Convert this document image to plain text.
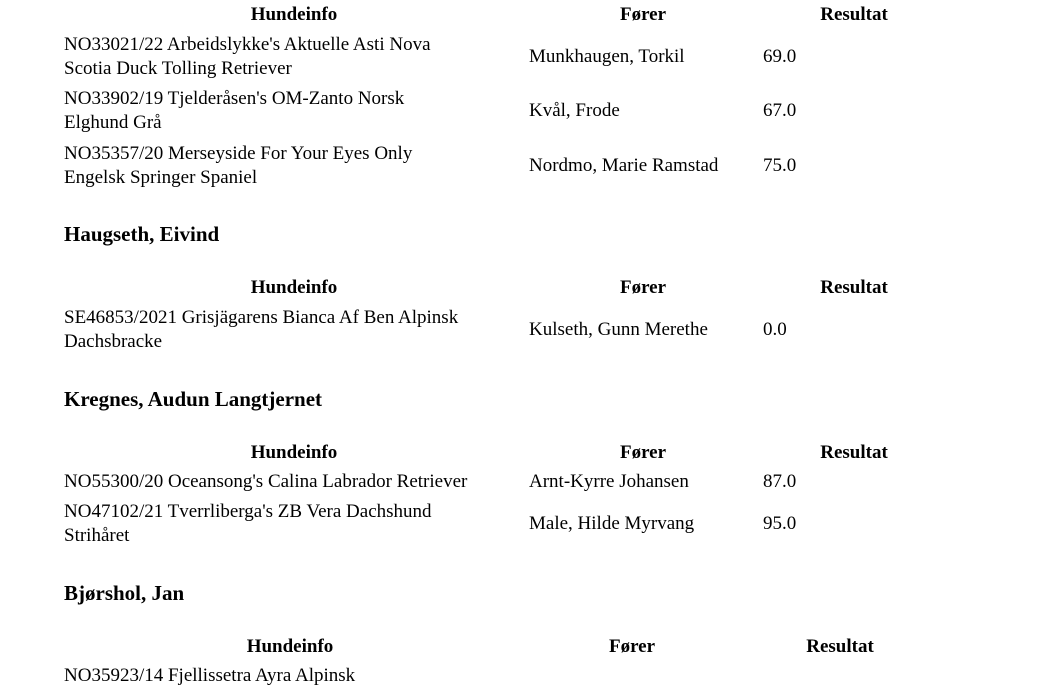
Hundeinfo	Fører	Resultat
NO33021/22 Arbeidslykke's Aktuelle Asti Nova
Scotia Duck Tolling Retriever
Munkhaugen, Torkil	69.0
NO33902/19 Tjelderåsen's OM-Zanto Norsk
Elghund Grå
Kvål, Frode	67.0
NO35357/20 Merseyside For Your Eyes Only
Engelsk Springer Spaniel
Nordmo, Marie Ramstad 75.0
Haugseth, Eivind
Hundeinfo	Fører	Resultat
SE46853/2021 Grisjägarens Bianca Af Ben Alpinsk
Dachsbracke
Kulseth, Gunn Merethe	0.0
Kregnes, Audun Langtjernet
Hundeinfo	Fører	Resultat
NO55300/20 Oceansong's Calina Labrador Retriever	Arnt-Kyrre Johansen	87.0
NO47102/21 Tverrliberga's ZB Vera Dachshund
Strihåret
Male, Hilde Myrvang	95.0
Bjørshol, Jan
Hundeinfo	Fører	Resultat
NO35923/14 Fjellissetra Ayra Alpinsk
